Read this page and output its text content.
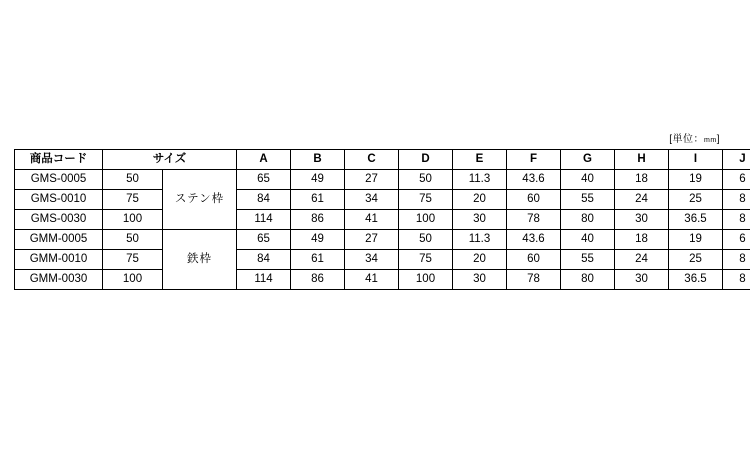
[単位：mm]
商品コード	サイズ		A	B	C	D	E	F	G	H	I	J
GMS-0005	50	ステン枠	65	49	27	50	11.3	43.6	40	18	19	6
GMS-0010	75		84	61	34	75	20	60	55	24	25	8
GMS-0030	100		114	86	41	100	30	78	80	30	36.5	8
GMM-0005	50	鉄枠	65	49	27	50	11.3	43.6	40	18	19	6
GMM-0010	75		84	61	34	75	20	60	55	24	25	8
GMM-0030	100		114	86	41	100	30	78	80	30	36.5	8
